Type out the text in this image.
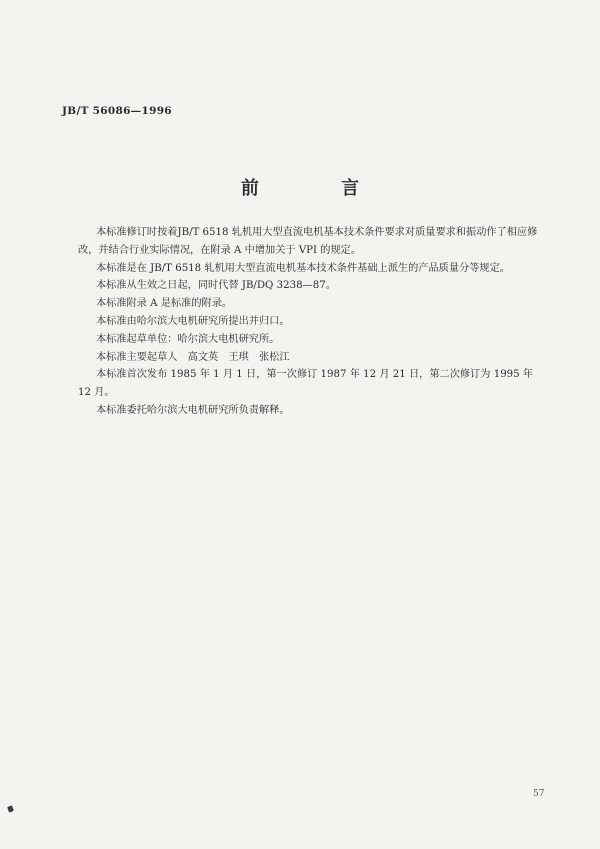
JB/T 56086—1996
前 言

本标准修订时按着JB/T 6518 轧机用大型直流电机基本技术条件要求对质量要求和振动作了相应修改，并结合行业实际情况，在附录 A 中增加关于 VPI 的规定。

本标准是在 JB/T 6518 轧机用大型直流电机基本技术条件基础上派生的产品质量分等规定。

本标准从生效之日起，同时代替 JB/DQ 3238—87。

本标准附录 A 是标准的附录。

本标准由哈尔滨大电机研究所提出并归口。

本标准起草单位：哈尔滨大电机研究所。

本标准主要起草人　高文英　王琪　张松江

本标准首次发布 1985 年 1 月 1 日，第一次修订 1987 年 12 月 21 日，第二次修订为 1995 年 12 月。

本标准委托哈尔滨大电机研究所负责解释。

57
